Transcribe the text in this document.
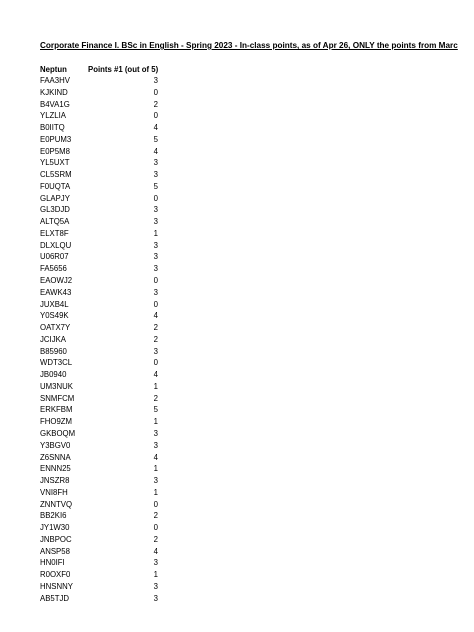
Corporate Finance I. BSc in English - Spring 2023 - In-class points, as of Apr 26, ONLY the points from Marc
Neptun	Points #1 (out of 5)
FAA3HV	3
KJKIND	0
B4VA1G	2
YLZLIA	0
B0IITQ	4
E0PUM3	5
E0P5M8	4
YL5UXT	3
CL5SRM	3
F0UQTA	5
GLAPJY	0
GL3DJD	3
ALTQ5A	3
ELXT8F	1
DLXLQU	3
U06R07	3
FA5656	3
EAOWJ2	0
EAWK43	3
JUXB4L	0
Y0S49K	4
OATX7Y	2
JCIJKA	2
B85960	3
WDT3CL	0
JB0940	4
UM3NUK	1
SNMFCM	2
ERKFBM	5
FHO9ZM	1
GKBOQM	3
Y3BGV0	3
Z6SNNA	4
ENNN25	1
JNSZR8	3
VNI8FH	1
ZNNTVQ	0
BB2KI6	2
JY1W30	0
JNBPOC	2
ANSP58	4
HN0IFI	3
R0OXF0	1
HNSNNY	3
AB5TJD	3
